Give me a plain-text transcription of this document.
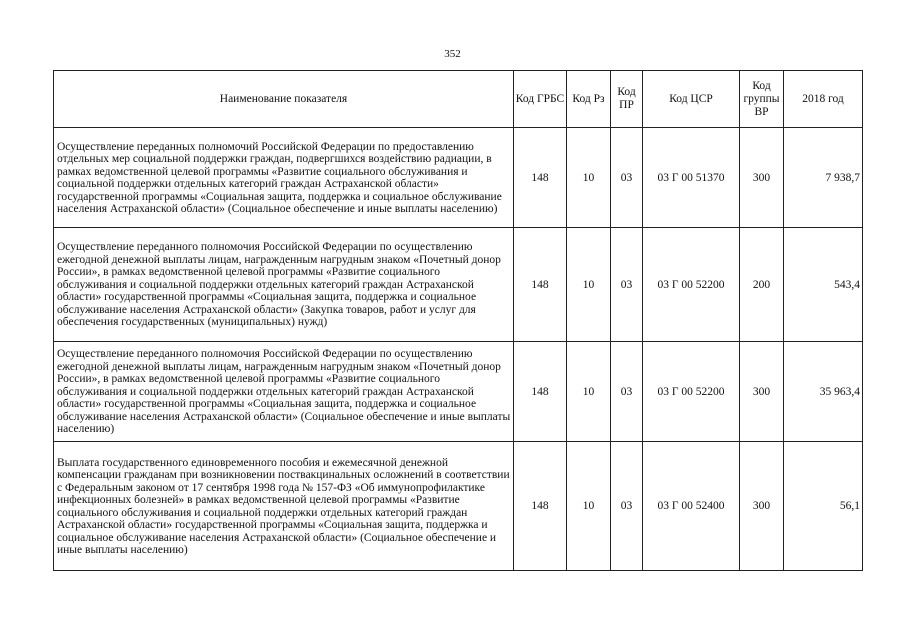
352
Наименование показателя	Код ГРБС	Код Рз	Код ПР	Код ЦСР	Код группы ВР	2018 год
Осуществление переданных полномочий Российской Федерации по предоставлению отдельных мер социальной поддержки граждан, подвергшихся воздействию радиации, в рамках ведомственной целевой программы «Развитие социального обслуживания и социальной поддержки отдельных категорий граждан Астраханской области» государственной программы «Социальная защита, поддержка и социальное обслуживание населения Астраханской области» (Социальное обеспечение и иные выплаты населению)	148	10	03	03 Г 00 51370	300	7 938,7
Осуществление переданного полномочия Российской Федерации по осуществлению ежегодной денежной выплаты лицам, награжденным нагрудным знаком «Почетный донор России», в рамках ведомственной целевой программы «Развитие социального обслуживания и социальной поддержки отдельных категорий граждан Астраханской области» государственной программы «Социальная защита, поддержка и социальное обслуживание населения Астраханской области» (Закупка товаров, работ и услуг для обеспечения государственных (муниципальных) нужд)	148	10	03	03 Г 00 52200	200	543,4
Осуществление переданного полномочия Российской Федерации по осуществлению ежегодной денежной выплаты лицам, награжденным нагрудным знаком «Почетный донор России», в рамках ведомственной целевой программы «Развитие социального обслуживания и социальной поддержки отдельных категорий граждан Астраханской области» государственной программы «Социальная защита, поддержка и социальное обслуживание населения Астраханской области» (Социальное обеспечение и иные выплаты населению)	148	10	03	03 Г 00 52200	300	35 963,4
Выплата государственного единовременного пособия и ежемесячной денежной компенсации гражданам при возникновении поствакцинальных осложнений в соответствии с Федеральным законом от 17 сентября 1998 года № 157-ФЗ «Об иммунопрофилактике инфекционных болезней» в рамках ведомственной целевой программы «Развитие социального обслуживания и социальной поддержки отдельных категорий граждан Астраханской области» государственной программы «Социальная защита, поддержка и социальное обслуживание населения Астраханской области» (Социальное обеспечение и иные выплаты населению)	148	10	03	03 Г 00 52400	300	56,1
